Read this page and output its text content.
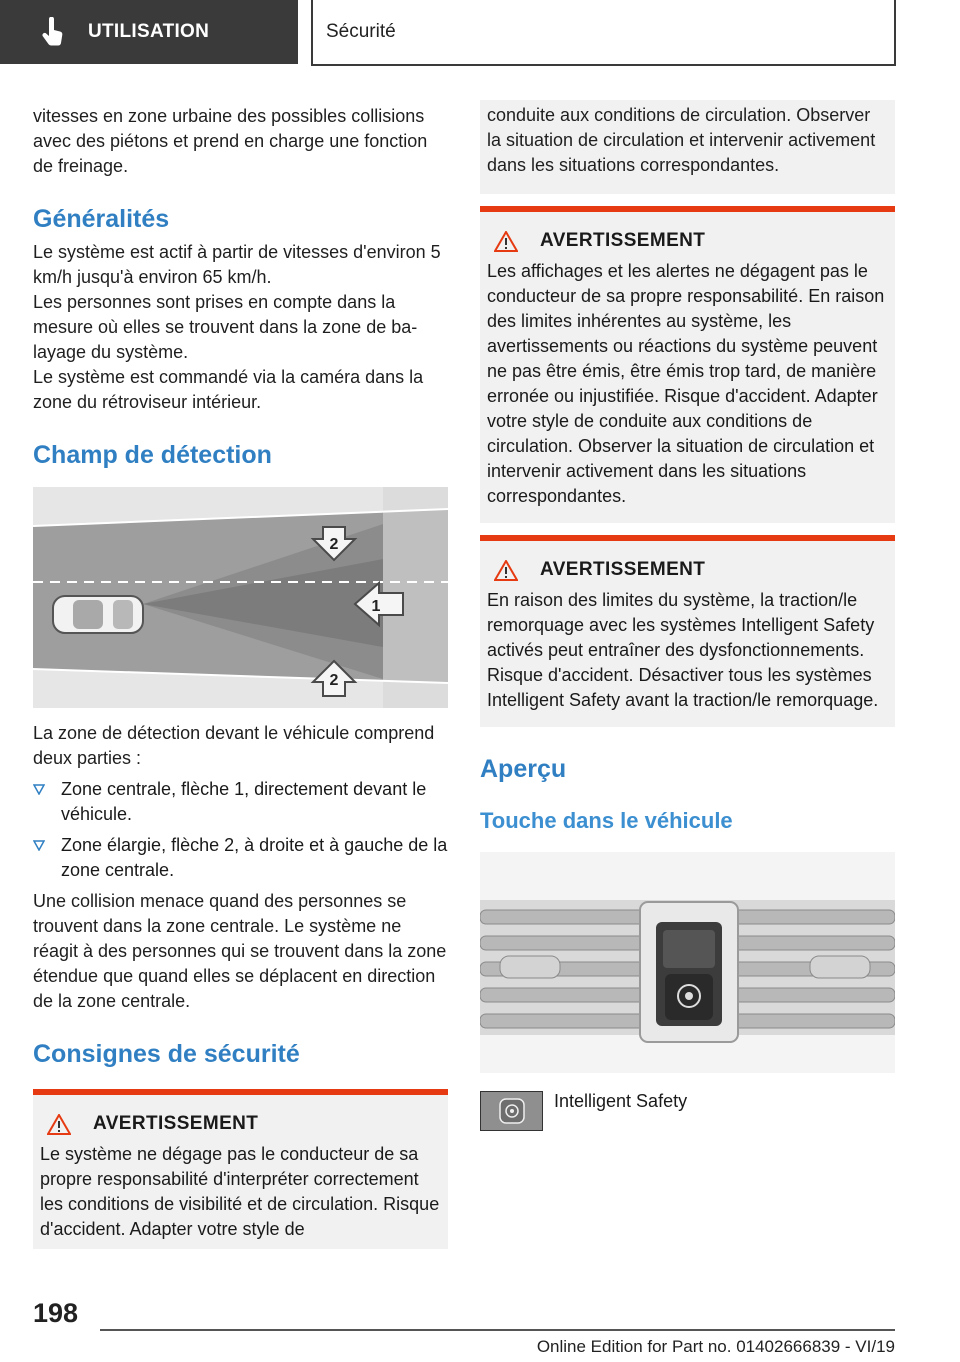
UTILISATION	Sécurité

vitesses en zone urbaine des possibles collisions avec des piétons et prend en charge une fonction de freinage.

Généralités

Le système est actif à partir de vitesses d'environ 5 km/h jusqu'à environ 65 km/h.

Les personnes sont prises en compte dans la mesure où elles se trouvent dans la zone de balayage du système.

Le système est commandé via la caméra dans la zone du rétroviseur intérieur.

Champ de détection
2
1
2

La zone de détection devant le véhicule comprend deux parties :

Zone centrale, flèche 1, directement devant le véhicule.
Zone élargie, flèche 2, à droite et à gauche de la zone centrale.

Une collision menace quand des personnes se trouvent dans la zone centrale. Le système ne réagit à des personnes qui se trouvent dans la zone étendue que quand elles se déplacent en direction de la zone centrale.

Consignes de sécurité
AVERTISSEMENT

Le système ne dégage pas le conducteur de sa propre responsabilité d'interpréter correctement les conditions de visibilité et de circulation. Risque d'accident. Adapter votre style de

conduite aux conditions de circulation. Observer la situation de circulation et intervenir activement dans les situations correspondantes.

AVERTISSEMENT

Les affichages et les alertes ne dégagent pas le conducteur de sa propre responsabilité. En raison des limites inhérentes au système, les avertissements ou réactions du système peuvent ne pas être émis, être émis trop tard, de manière erronée ou injustifiée. Risque d'accident. Adapter votre style de conduite aux conditions de circulation. Observer la situation de circulation et intervenir activement dans les situations correspondantes.

AVERTISSEMENT

En raison des limites du système, la traction/le remorquage avec les systèmes Intelligent Safety activés peut entraîner des dysfonctionnements. Risque d'accident. Désactiver tous les systèmes Intelligent Safety avant la traction/le remorquage.

Aperçu
Touche dans le véhicule
Intelligent Safety
198
Online Edition for Part no. 01402666839 - VI/19
